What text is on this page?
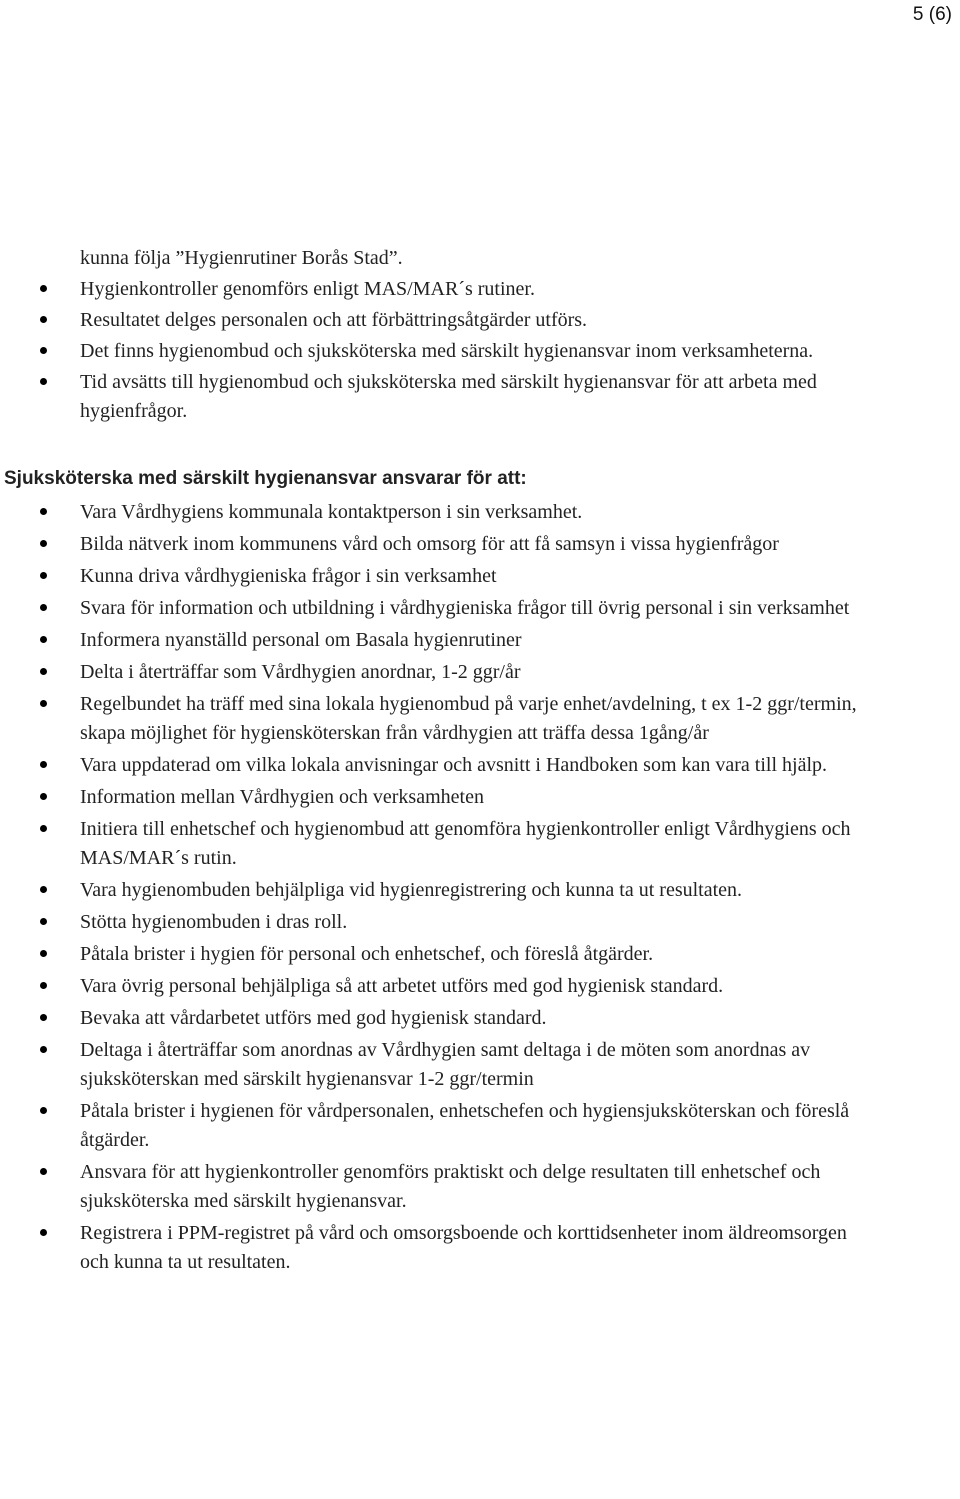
5 (6)
kunna följa ”Hygienrutiner Borås Stad”.
Hygienkontroller genomförs enligt MAS/MAR´s rutiner.
Resultatet delges personalen och att förbättringsåtgärder utförs.
Det finns hygienombud och sjuksköterska med särskilt hygienansvar inom verksamheterna.
Tid avsätts till hygienombud och sjuksköterska med särskilt hygienansvar för att arbeta med hygienfrågor.
Sjuksköterska med särskilt hygienansvar ansvarar för att:
Vara Vårdhygiens kommunala kontaktperson i sin verksamhet.
Bilda nätverk inom kommunens vård och omsorg för att få samsyn i vissa hygienfrågor
Kunna driva vårdhygieniska frågor i sin verksamhet
Svara för information och utbildning i vårdhygieniska frågor till övrig personal i sin verksamhet
Informera nyanställd personal om Basala hygienrutiner
Delta i återträffar som Vårdhygien anordnar, 1-2 ggr/år
Regelbundet ha träff med sina lokala hygienombud på varje enhet/avdelning, t ex 1-2 ggr/termin, skapa möjlighet för hygiensköterskan från vårdhygien att träffa dessa 1gång/år
Vara uppdaterad om vilka lokala anvisningar och avsnitt i Handboken som kan vara till hjälp.
Information mellan Vårdhygien och verksamheten
Initiera till enhetschef och hygienombud att genomföra hygienkontroller enligt Vårdhygiens och MAS/MAR´s rutin.
Vara hygienombuden behjälpliga vid hygienregistrering och kunna ta ut resultaten.
Stötta hygienombuden i dras roll.
Påtala brister i hygien för personal och enhetschef, och föreslå åtgärder.
Vara övrig personal behjälpliga så att arbetet utförs med god hygienisk standard.
Bevaka att vårdarbetet utförs med god hygienisk standard.
Deltaga i återträffar som anordnas av Vårdhygien samt deltaga i de möten som anordnas av sjuksköterskan med särskilt hygienansvar 1-2 ggr/termin
Påtala brister i hygienen för vårdpersonalen, enhetschefen och hygiensjuksköterskan och föreslå åtgärder.
Ansvara för att hygienkontroller genomförs praktiskt och delge resultaten till enhetschef och sjuksköterska med särskilt hygienansvar.
Registrera i PPM-registret på vård och omsorgsboende och korttidsenheter inom äldreomsorgen och kunna ta ut resultaten.
